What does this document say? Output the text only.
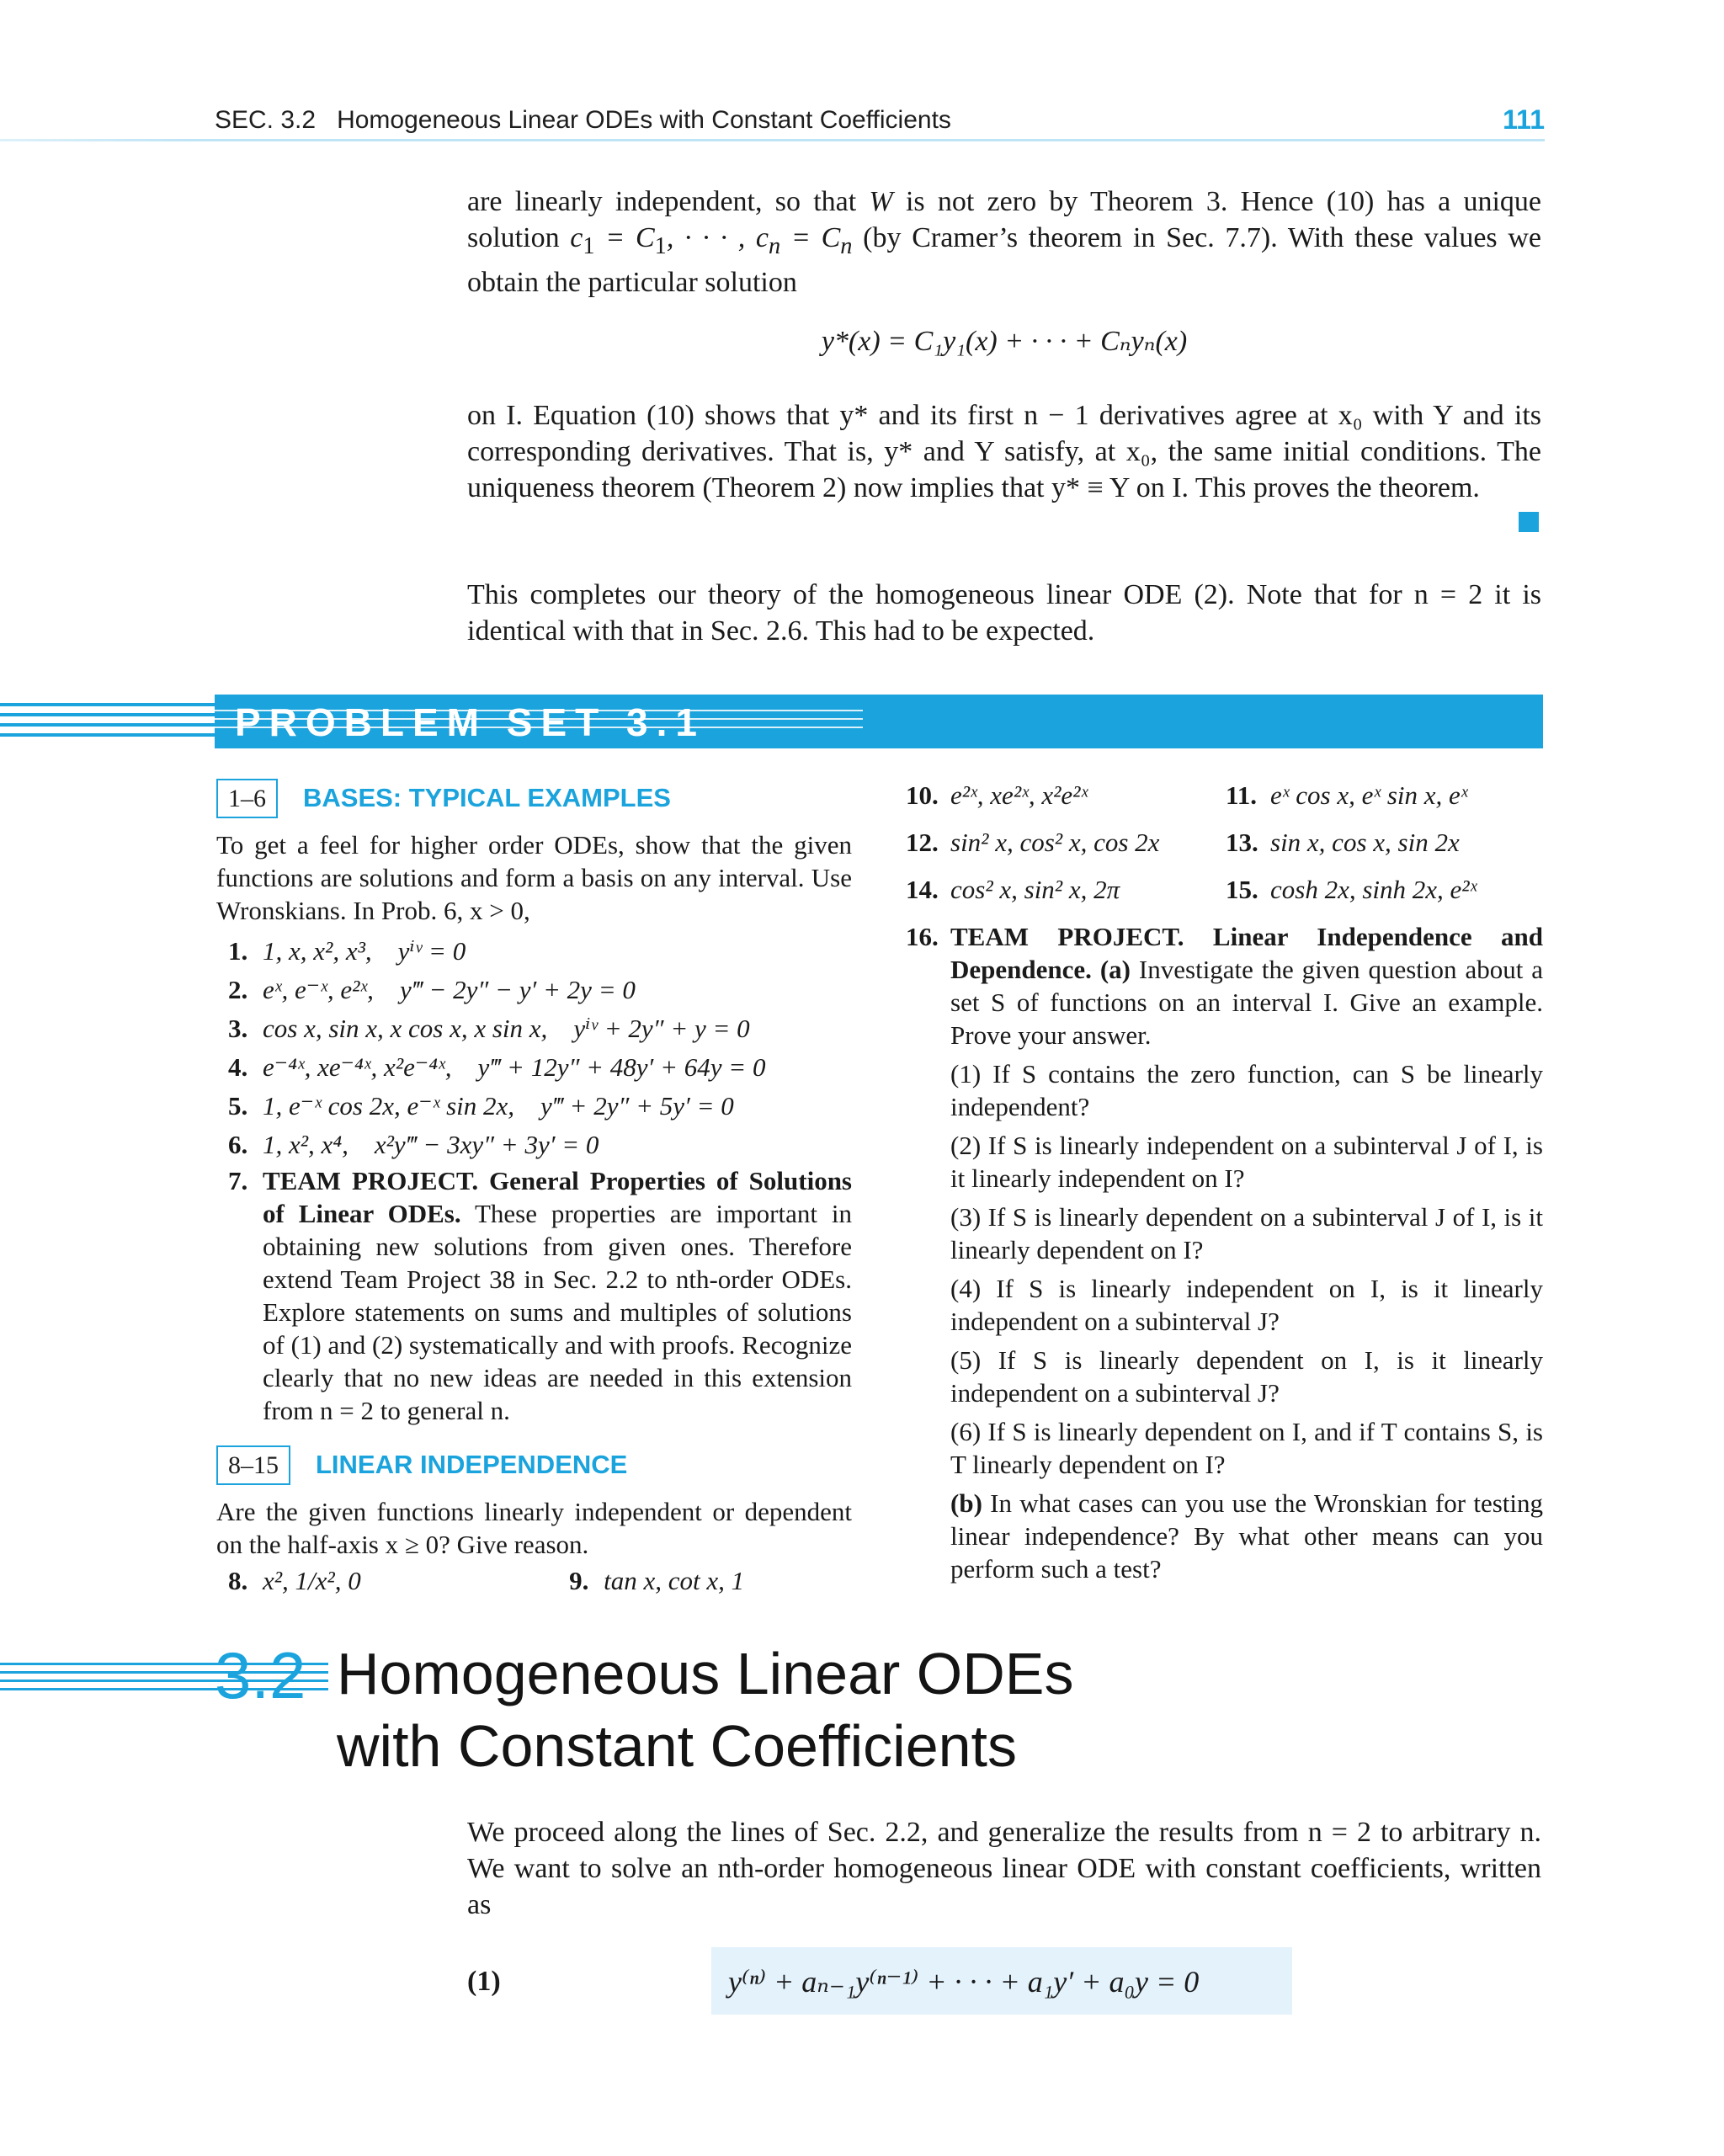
SEC. 3.2 Homogeneous Linear ODEs with Constant Coefficients	111

are linearly independent, so that W is not zero by Theorem 3. Hence (10) has a unique solution $c_1 = C_1$, · · · , $c_n = C_n$ (by Cramer’s theorem in Sec. 7.7). With these values we obtain the particular solution

y*(x) = C₁y₁(x) + · · · + Cₙyₙ(x)

on I. Equation (10) shows that y* and its first n − 1 derivatives agree at x₀ with Y and its corresponding derivatives. That is, y* and Y satisfy, at x₀, the same initial conditions. The uniqueness theorem (Theorem 2) now implies that y* ≡ Y on I. This proves the theorem.

This completes our theory of the homogeneous linear ODE (2). Note that for n = 2 it is identical with that in Sec. 2.6. This had to be expected.

PROBLEM SET 3.1
1–6 BASES: TYPICAL EXAMPLES
To get a feel for higher order ODEs, show that the given functions are solutions and form a basis on any interval. Use Wronskians. In Prob. 6, x > 0,
1. 1, x, x², x³, yⁱᵛ = 0
2. eˣ, e⁻ˣ, e²ˣ, y‴ − 2y″ − y′ + 2y = 0
3. cos x, sin x, x cos x, x sin x, yⁱᵛ + 2y″ + y = 0
4. e⁻⁴ˣ, xe⁻⁴ˣ, x²e⁻⁴ˣ, y‴ + 12y″ + 48y′ + 64y = 0
5. 1, e⁻ˣ cos 2x, e⁻ˣ sin 2x, y‴ + 2y″ + 5y′ = 0
6. 1, x², x⁴, x²y‴ − 3xy″ + 3y′ = 0
7. TEAM PROJECT. General Properties of Solutions of Linear ODEs. These properties are important in obtaining new solutions from given ones. Therefore extend Team Project 38 in Sec. 2.2 to nth-order ODEs. Explore statements on sums and multiples of solutions of (1) and (2) systematically and with proofs. Recognize clearly that no new ideas are needed in this extension from n = 2 to general n.
8–15 LINEAR INDEPENDENCE
Are the given functions linearly independent or dependent on the half-axis x ≥ 0? Give reason.
8. x², 1/x², 0	9. tan x, cot x, 1
10. e²ˣ, xe²ˣ, x²e²ˣ	11. eˣ cos x, eˣ sin x, eˣ
12. sin² x, cos² x, cos 2x	13. sin x, cos x, sin 2x
14. cos² x, sin² x, 2π	15. cosh 2x, sinh 2x, e²ˣ
16. TEAM PROJECT. Linear Independence and Dependence. (a) Investigate the given question about a set S of functions on an interval I. Give an example. Prove your answer.

(1) If S contains the zero function, can S be linearly independent?

(2) If S is linearly independent on a subinterval J of I, is it linearly independent on I?

(3) If S is linearly dependent on a subinterval J of I, is it linearly dependent on I?

(4) If S is linearly independent on I, is it linearly independent on a subinterval J?

(5) If S is linearly dependent on I, is it linearly independent on a subinterval J?

(6) If S is linearly dependent on I, and if T contains S, is T linearly dependent on I?

(b) In what cases can you use the Wronskian for testing linear independence? By what other means can you perform such a test?

3.2 Homogeneous Linear ODEs
with Constant Coefficients

We proceed along the lines of Sec. 2.2, and generalize the results from n = 2 to arbitrary n. We want to solve an nth-order homogeneous linear ODE with constant coefficients, written as

(1)	y⁽ⁿ⁾ + aₙ₋₁y⁽ⁿ⁻¹⁾ + · · · + a₁y′ + a₀y = 0
